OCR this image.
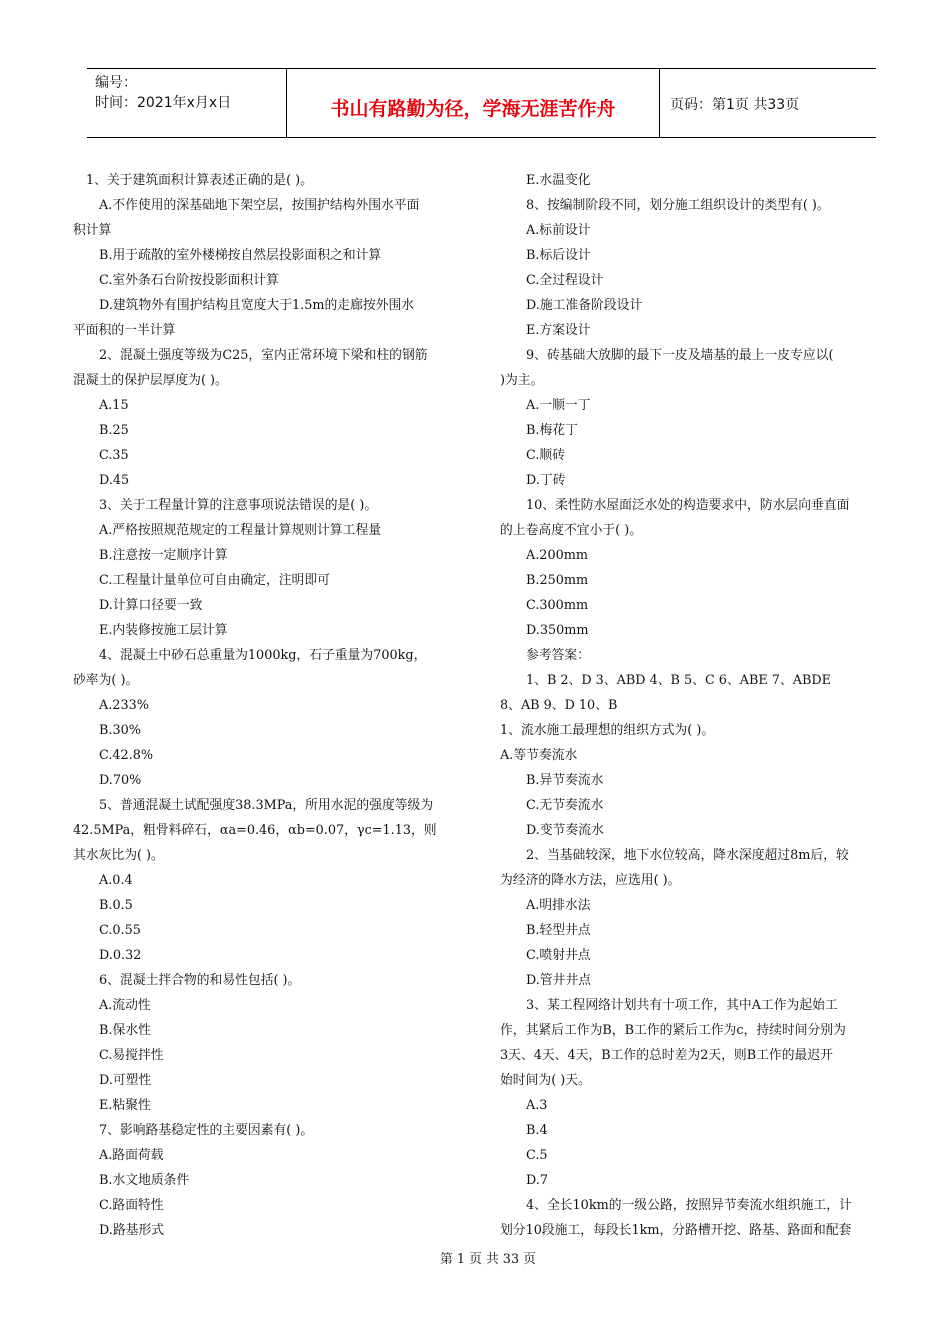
编号：
时间：2021年x月x日	书山有路勤为径，学海无涯苦作舟	页码：第1页 共33页
1、关于建筑面积计算表述正确的是( )。
A.不作使用的深基础地下架空层，按围护结构外围水平面
积计算
B.用于疏散的室外楼梯按自然层投影面积之和计算
C.室外条石台阶按投影面积计算
D.建筑物外有围护结构且宽度大于1.5m的走廊按外围水
平面积的一半计算
2、混凝土强度等级为C25，室内正常环境下梁和柱的钢筋
混凝土的保护层厚度为( )。
A.15
B.25
C.35
D.45
3、关于工程量计算的注意事项说法错误的是( )。
A.严格按照规范规定的工程量计算规则计算工程量
B.注意按一定顺序计算
C.工程量计量单位可自由确定，注明即可
D.计算口径要一致
E.内装修按施工层计算
4、混凝土中砂石总重量为1000kg，石子重量为700kg，
砂率为( )。
A.233%
B.30%
C.42.8%
D.70%
5、普通混凝土试配强度38.3MPa，所用水泥的强度等级为
42.5MPa，粗骨料碎石，αa=0.46，αb=0.07，γc=1.13，则
其水灰比为( )。
A.0.4
B.0.5
C.0.55
D.0.32
6、混凝土拌合物的和易性包括( )。
A.流动性
B.保水性
C.易搅拌性
D.可塑性
E.粘聚性
7、影响路基稳定性的主要因素有( )。
A.路面荷载
B.水文地质条件
C.路面特性
D.路基形式
E.水温变化
8、按编制阶段不同，划分施工组织设计的类型有( )。
A.标前设计
B.标后设计
C.全过程设计
D.施工准备阶段设计
E.方案设计
9、砖基础大放脚的最下一皮及墙基的最上一皮专应以(
)为主。
A.一顺一丁
B.梅花丁
C.顺砖
D.丁砖
10、柔性防水屋面泛水处的构造要求中，防水层向垂直面
的上卷高度不宜小于( )。
A.200mm
B.250mm
C.300mm
D.350mm
参考答案：
1、B 2、D 3、ABD 4、B 5、C 6、ABE 7、ABDE
8、AB 9、D 10、B
1、流水施工最理想的组织方式为( )。
A.等节奏流水
B.异节奏流水
C.无节奏流水
D.变节奏流水
2、当基础较深，地下水位较高，降水深度超过8m后，较
为经济的降水方法，应选用( )。
A.明排水法
B.轻型井点
C.喷射井点
D.管井井点
3、某工程网络计划共有十项工作，其中A工作为起始工
作，其紧后工作为B，B工作的紧后工作为c，持续时间分别为
3天、4天、4天，B工作的总时差为2天，则B工作的最迟开
始时间为( )天。
A.3
B.4
C.5
D.7
4、全长10km的一级公路，按照异节奏流水组织施工，计
划分10段施工，每段长1km，分路槽开挖、路基、路面和配套
第 1 页 共 33 页
